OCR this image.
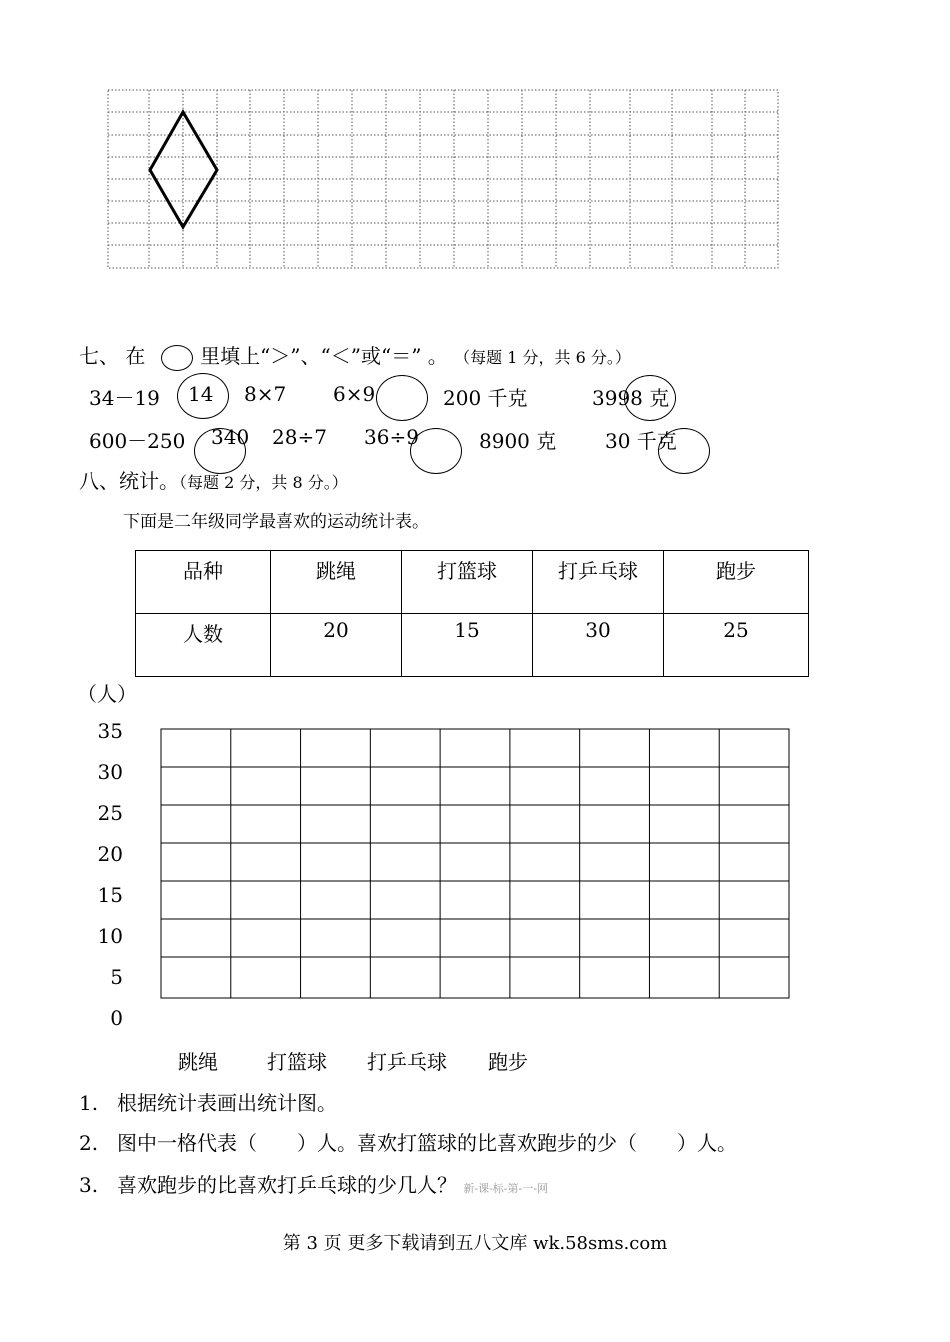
七、 在	里填上“＞”、“＜”或“＝” 。 （每题 1 分，共 6 分。）
34－19 14 8×7 6×9	200 千克	3998 克
600－250 340 28÷7 36÷9	8900 克 30 千克
八、统计。（每题 2 分，共 8 分。）
下面是二年级同学最喜欢的运动统计表。
品种	跳绳	打篮球	打乒乓球	跑步
人数	20	15	30	25
（人）
35
30
25
20
15
10
5
0
跳绳 打篮球 打乒乓球 跑步
1. 根据统计表画出统计图。
2. 图中一格代表（　　）人。喜欢打篮球的比喜欢跑步的少（　　）人。
3. 喜欢跑步的比喜欢打乒乓球的少几人？ 新-课-标-第-一-网
第 3 页 更多下载请到五八文库 wk.58sms.com
